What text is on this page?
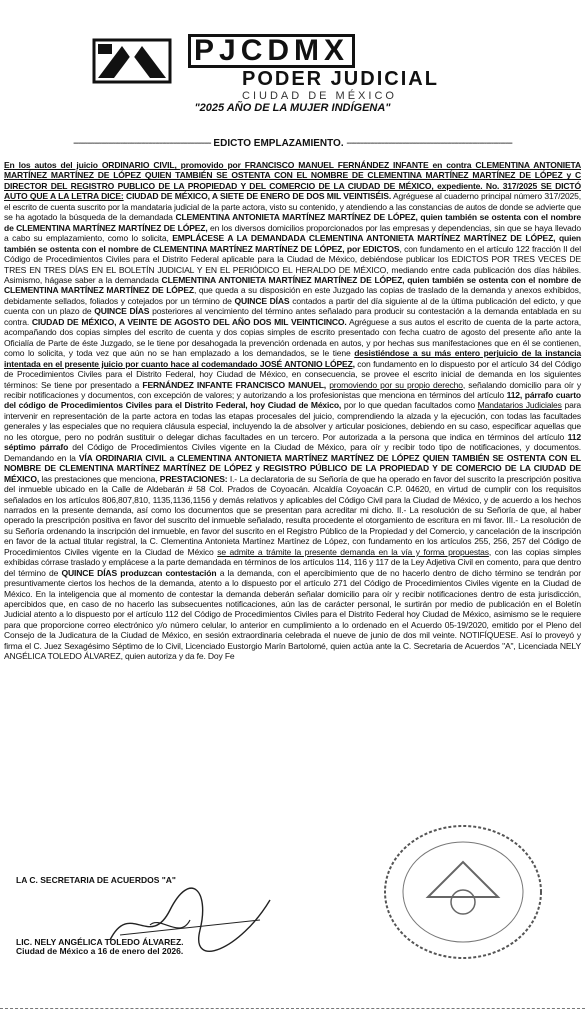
PJCDMX
PODER JUDICIAL
CIUDAD DE MÉXICO
"2025 AÑO DE LA MUJER INDÍGENA"
----------------------------------------------------------- EDICTO EMPLAZAMIENTO. -----------------------------------------------------------------------

En los autos del juicio ORDINARIO CIVIL, promovido por FRANCISCO MANUEL FERNÁNDEZ INFANTE en contra CLEMENTINA ANTONIETA MARTÍNEZ MARTÍNEZ DE LÓPEZ QUIEN TAMBIÉN SE OSTENTA CON EL NOMBRE DE CLEMENTINA MARTÍNEZ MARTÍNEZ DE LÓPEZ y C DIRECTOR DEL REGISTRO PUBLICO DE LA PROPIEDAD Y DEL COMERCIO DE LA CIUDAD DE MÉXICO, expediente. No. 317/2025 SE DICTÓ AUTO QUE A LA LETRA DICE: CIUDAD DE MÉXICO, A SIETE DE ENERO DE DOS MIL VEINTISÉIS. Agréguese al cuaderno principal número 317/2025, el escrito de cuenta suscrito por la mandataria judicial de la parte actora, visto su contenido, y atendiendo a las constancias de autos de donde se advierte que se ha agotado la búsqueda de la demandada CLEMENTINA ANTONIETA MARTÍNEZ MARTÍNEZ DE LÓPEZ, quien también se ostenta con el nombre de CLEMENTINA MARTÍNEZ MARTÍNEZ DE LÓPEZ, en los diversos domicilios proporcionados por las empresas y dependencias, sin que se haya llevado a cabo su emplazamiento, como lo solicita, EMPLÁCESE A LA DEMANDADA CLEMENTINA ANTONIETA MARTÍNEZ MARTÍNEZ DE LÓPEZ, quien también se ostenta con el nombre de CLEMENTINA MARTÍNEZ MARTÍNEZ DE LÓPEZ, por EDICTOS, con fundamento en el artículo 122 fracción II del Código de Procedimientos Civiles para el Distrito Federal aplicable para la Ciudad de México, debiéndose publicar los EDICTOS POR TRES VECES DE TRES EN TRES DÍAS EN EL BOLETÍN JUDICIAL Y EN EL PERIÓDICO EL HERALDO DE MÉXICO, mediando entre cada publicación dos días hábiles. Asimismo, hágase saber a la demandada CLEMENTINA ANTONIETA MARTÍNEZ MARTÍNEZ DE LÓPEZ, quien también se ostenta con el nombre de CLEMENTINA MARTÍNEZ MARTÍNEZ DE LÓPEZ, que queda a su disposición en este Juzgado las copias de traslado de la demanda y anexos exhibidos, debidamente sellados, foliados y cotejados por un término de QUINCE DÍAS contados a partir del día siguiente al de la última publicación del edicto, y que cuenta con un plazo de QUINCE DÍAS posteriores al vencimiento del término antes señalado para producir su contestación a la demanda entablada en su contra. CIUDAD DE MÉXICO, A VEINTE DE AGOSTO DEL AÑO DOS MIL VEINTICINCO. Agréguese a sus autos el escrito de cuenta de la parte actora, acompañando dos copias simples del escrito de cuenta y dos copias simples de escrito presentado con fecha cuatro de agosto del presente año ante la Oficialía de Parte de éste Juzgado, se le tiene por desahogada la prevención ordenada en autos, y por hechas sus manifestaciones que en él se contienen, como lo solicita, y toda vez que aún no se han emplazado a los demandados, se le tiene desistiéndose a su más entero perjuicio de la instancia intentada en el presente juicio por cuanto hace al codemandado JOSÉ ANTONIO LÓPEZ, con fundamento en lo dispuesto por el artículo 34 del Código de Procedimientos Civiles para el Distrito Federal, hoy Ciudad de México, en consecuencia, se provee el escrito inicial de demanda en los siguientes términos: Se tiene por presentado a FERNÁNDEZ INFANTE FRANCISCO MANUEL, promoviendo por su propio derecho, señalando domicilio para oír y recibir notificaciones y documentos, con excepción de valores; y autorizando a los profesionistas que menciona en términos del artículo 112, párrafo cuarto del código de Procedimientos Civiles para el Distrito Federal, hoy Ciudad de México, por lo que quedan facultados como Mandatarios Judiciales para intervenir en representación de la parte actora en todas las etapas procesales del juicio, comprendiendo la alzada y la ejecución, con todas las facultades generales y las especiales que no requiera cláusula especial, incluyendo la de absolver y articular posiciones, debiendo en su caso, especificar aquellas que no les otorgue, pero no podrán sustituir o delegar dichas facultades en un tercero. Por autorizada a la persona que indica en términos del artículo 112 séptimo párrafo del Código de Procedimientos Civiles vigente en la Ciudad de México, para oír y recibir todo tipo de notificaciones, y documentos. Demandando en la VÍA ORDINARIA CIVIL a CLEMENTINA ANTONIETA MARTÍNEZ MARTÍNEZ DE LÓPEZ QUIEN TAMBIÉN SE OSTENTA CON EL NOMBRE DE CLEMENTINA MARTÍNEZ MARTÍNEZ DE LÓPEZ y REGISTRO PÚBLICO DE LA PROPIEDAD Y DE COMERCIO DE LA CIUDAD DE MÉXICO, las prestaciones que menciona, PRESTACIONES: I.- La declaratoria de su Señoría de que ha operado en favor del suscrito la prescripción positiva del inmueble ubicado en la Calle de Aldebarán # 58 Col. Prados de Coyoacán. Alcaldía Coyoacán C.P. 04620, en virtud de cumplir con los requisitos señalados en los artículos 806,807,810, 1135,1136,1156 y demás relativos y aplicables del Código Civil para la Ciudad de México, y de acuerdo a los hechos narrados en la presente demanda, así como los documentos que se presentan para acreditar mi dicho. II.- La resolución de su Señoría de que, al haber operado la prescripción positiva en favor del suscrito del inmueble señalado, resulta procedente el otorgamiento de escritura en mi favor. III.- La resolución de su Señoría ordenando la inscripción del inmueble, en favor del suscrito en el Registro Público de la Propiedad y del Comercio, y cancelación de la inscripción en favor de la actual titular registral, la C. Clementina Antonieta Martínez Martínez de López, con fundamento en los artículos 255, 256, 257 del Código de Procedimientos Civiles vigente en la Ciudad de México se admite a trámite la presente demanda en la vía y forma propuestas, con las copias simples exhibidas córrase traslado y emplácese a la parte demandada en términos de los artículos 114, 116 y 117 de la Ley Adjetiva Civil en comento, para que dentro del término de QUINCE DÍAS produzcan contestación a la demanda, con el apercibimiento que de no hacerlo dentro de dicho término se tendrán por presuntivamente ciertos los hechos de la demanda, atento a lo dispuesto por el artículo 271 del Código de Procedimientos Civiles vigente en la Ciudad de México. En la inteligencia que al momento de contestar la demanda deberán señalar domicilio para oír y recibir notificaciones dentro de esta jurisdicción, apercibidos que, en caso de no hacerlo las subsecuentes notificaciones, aún las de carácter personal, le surtirán por medio de publicación en el Boletín Judicial atento a lo dispuesto por el artículo 112 del Código de Procedimientos Civiles para el Distrito Federal hoy Ciudad de México, asimismo se le requiere para que proporcione correo electrónico y/o número celular, lo anterior en cumplimiento a lo ordenado en el Acuerdo 05-19/2020, emitido por el Pleno del Consejo de la Judicatura de la Ciudad de México, en sesión extraordinaria celebrada el nueve de junio de dos mil veinte. NOTIFÍQUESE. Así lo proveyó y firma el C. Juez Sexagésimo Séptimo de lo Civil, Licenciado Eustorgio Marín Bartolomé, quien actúa ante la C. Secretaria de Acuerdos "A", Licenciada NELY ANGÉLICA TOLEDO ÁLVAREZ, quien autoriza y da fe. Doy Fe

LA C. SECRETARIA DE ACUERDOS "A"
LIC. NELY ANGÉLICA TOLEDO ÁLVAREZ.
Ciudad de México a 16 de enero del 2026.
